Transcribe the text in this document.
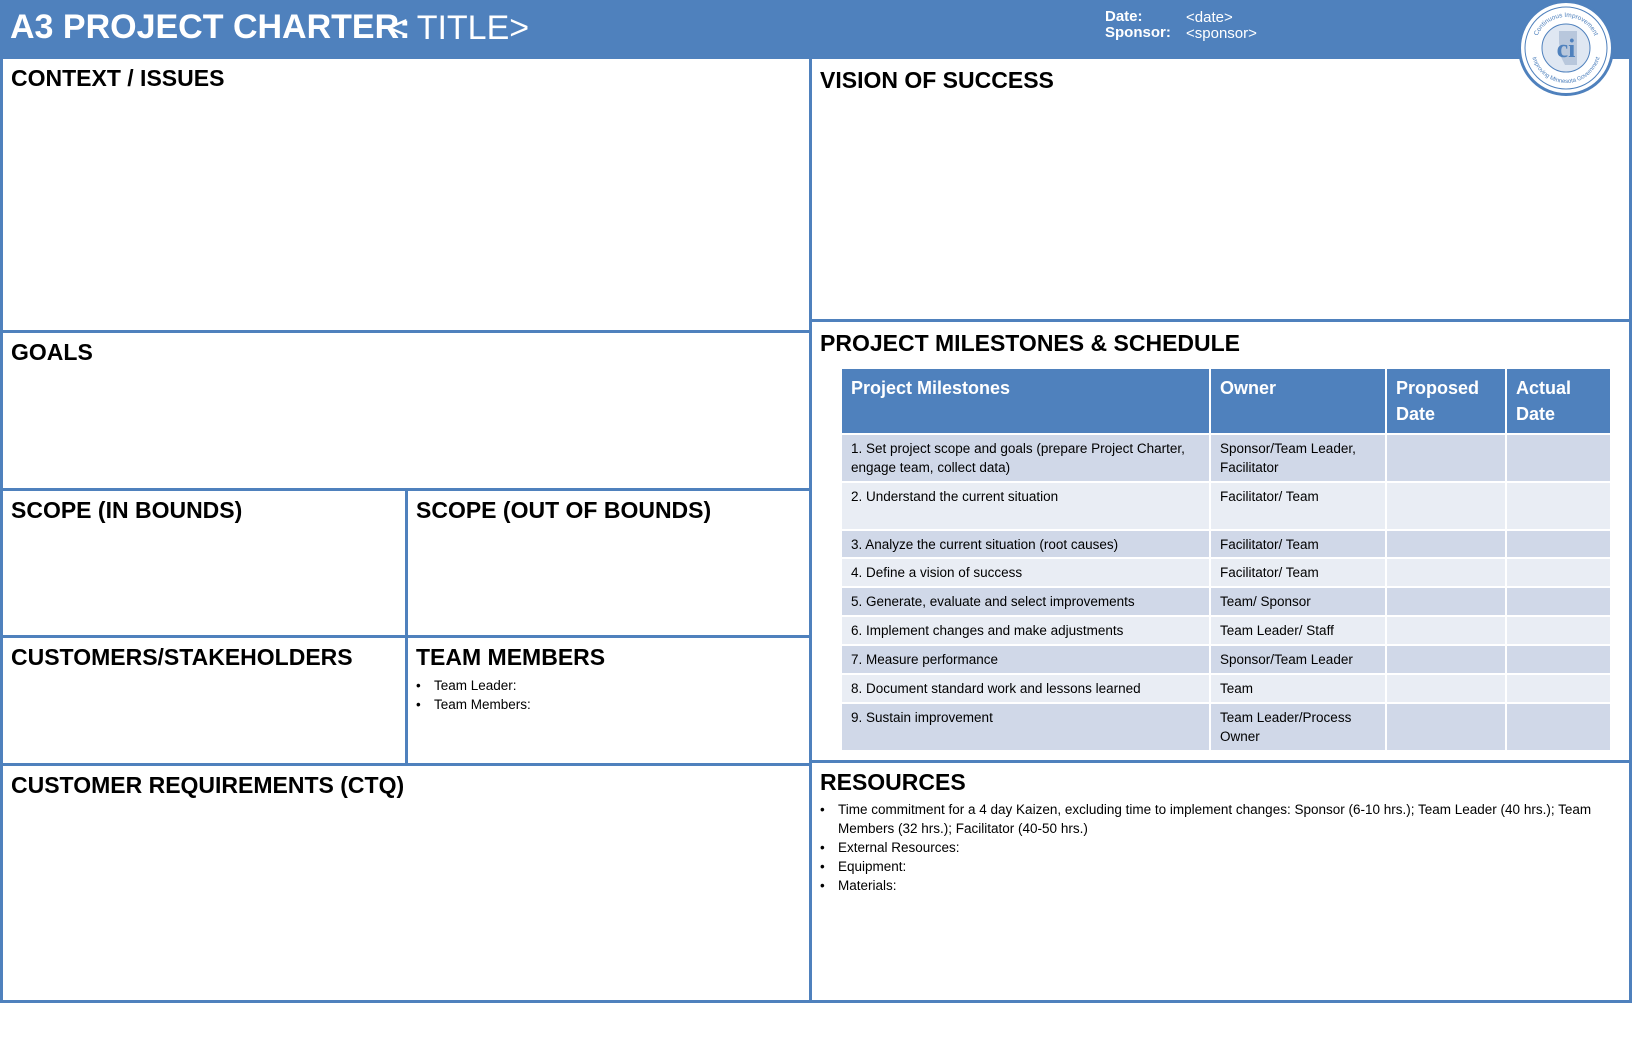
A3 PROJECT CHARTER:
< TITLE>	Date:	<date>
Sponsor: <sponsor>
ci
Continuous Improvement
Improving Minnesota Government
CONTEXT / ISSUES
GOALS
SCOPE (IN BOUNDS)	SCOPE (OUT OF BOUNDS)
CUSTOMERS/STAKEHOLDERS	TEAM MEMBERS
• Team Leader:
• Team Members:
CUSTOMER REQUIREMENTS (CTQ)
VISION OF SUCCESS
PROJECT MILESTONES & SCHEDULE
Project Milestones	Owner	Proposed Date	Actual Date
1. Set project scope and goals (prepare Project Charter, engage team, collect data)	Sponsor/Team Leader, Facilitator		
2. Understand the current situation	Facilitator/ Team		
3. Analyze the current situation (root causes)	Facilitator/ Team		
4. Define a vision of success	Facilitator/ Team		
5. Generate, evaluate and select improvements	Team/ Sponsor		
6. Implement changes and make adjustments	Team Leader/ Staff		
7. Measure performance	Sponsor/Team Leader		
8. Document standard work and lessons learned	Team		
9. Sustain improvement	Team Leader/Process Owner		
RESOURCES
• Time commitment for a 4 day Kaizen, excluding time to implement changes: Sponsor (6-10 hrs.); Team Leader (40 hrs.); Team Members (32 hrs.); Facilitator (40-50 hrs.)
• External Resources:
• Equipment:
• Materials:
